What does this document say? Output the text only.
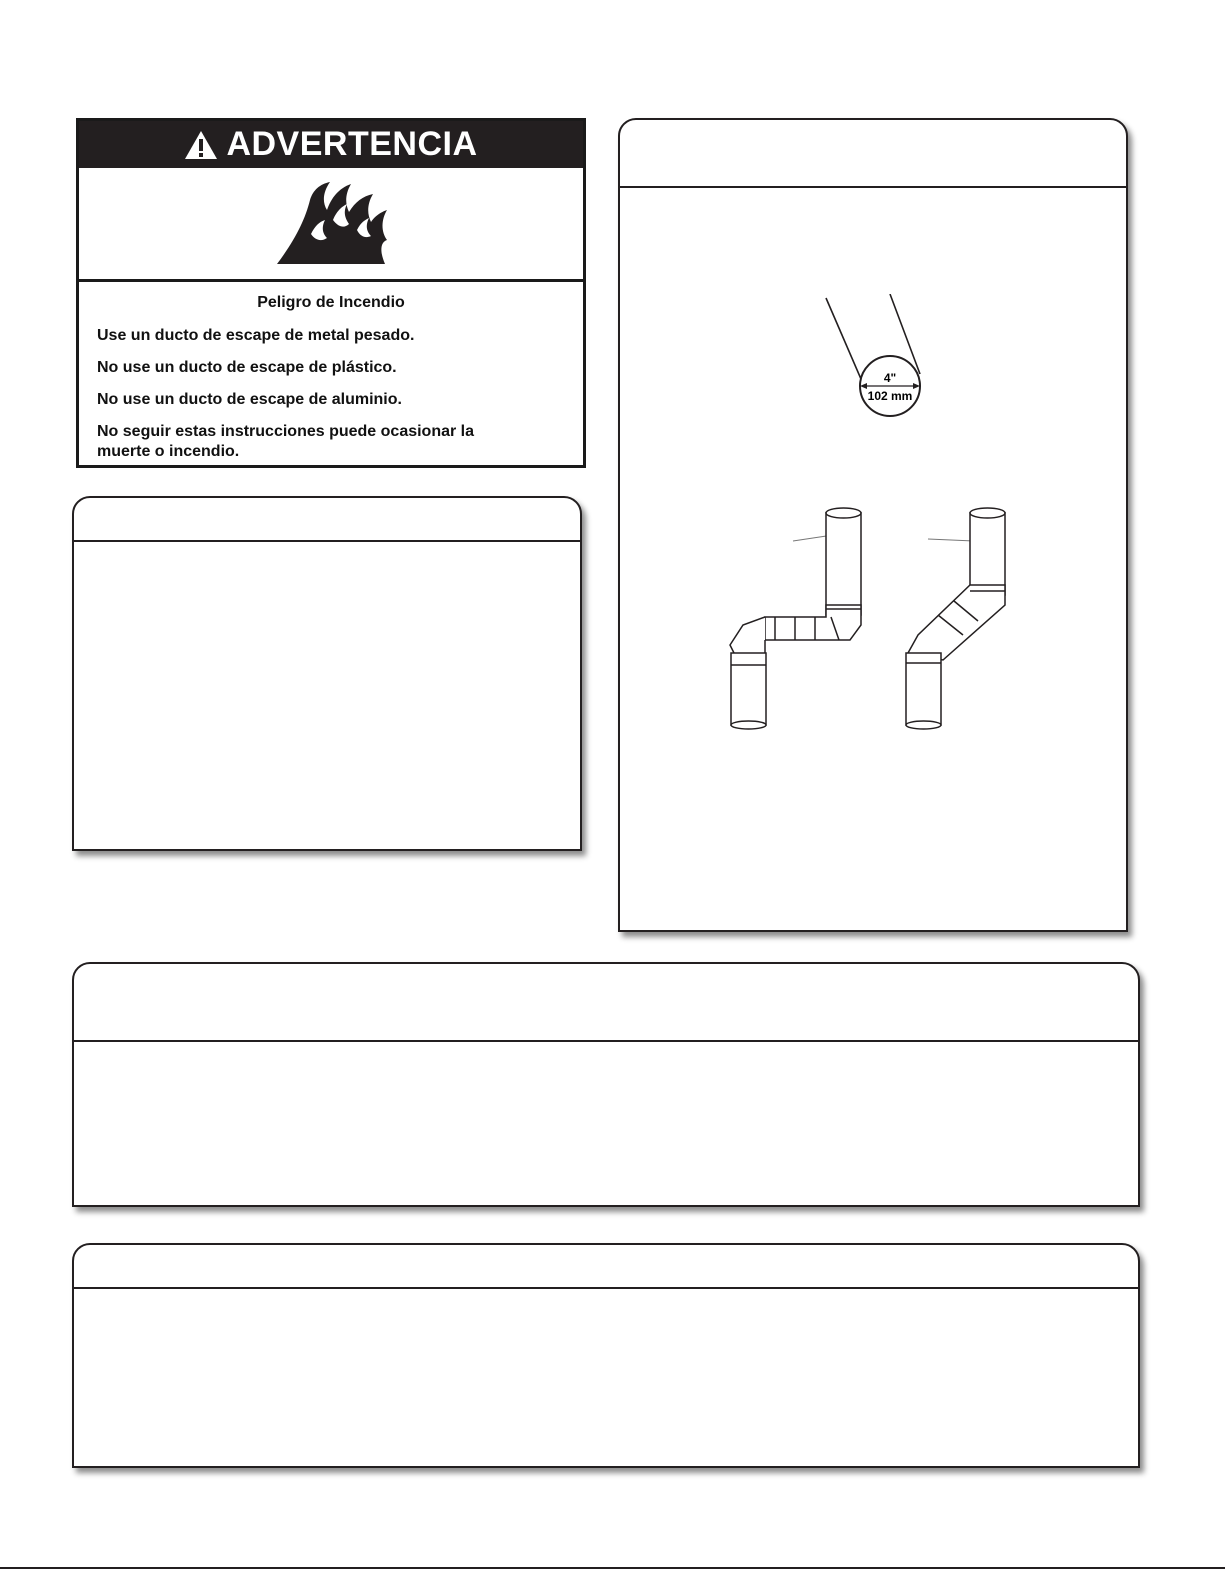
ADVERTENCIA
Peligro de Incendio
Use un ducto de escape de metal pesado.
No use un ducto de escape de plástico.
No use un ducto de escape de aluminio.
No seguir estas instrucciones puede ocasionar la muerte o incendio.
4"
102 mm
